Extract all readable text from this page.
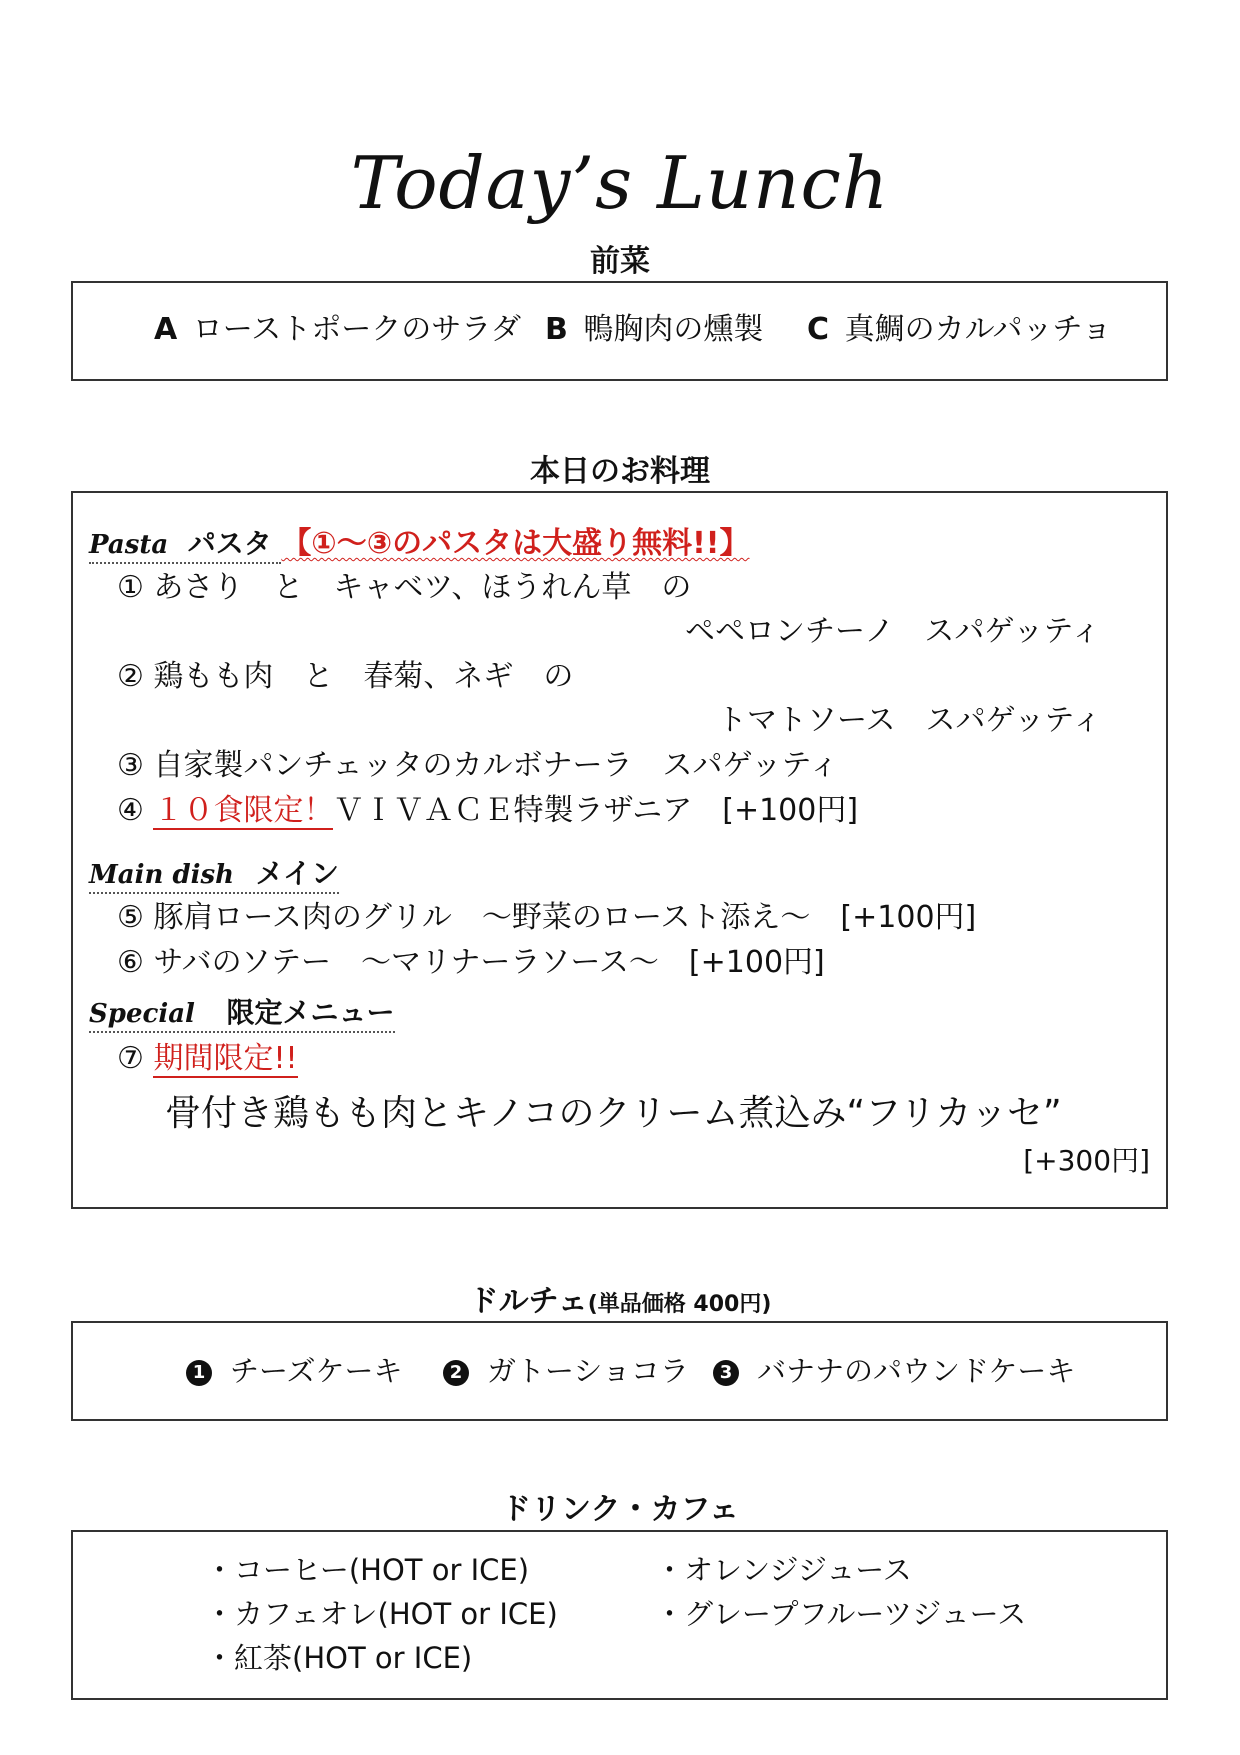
Today’s Lunch
前菜
A ローストポークのサラダ B 鴨胸肉の燻製 C 真鯛のカルパッチョ
本日のお料理
Pasta パスタ 【①～③のパスタは大盛り無料!!】
① あさり　と　キャベツ、ほうれん草　の
ペペロンチーノ　スパゲッティ
② 鶏もも肉　と　春菊、ネギ　の
トマトソース　スパゲッティ
③ 自家製パンチェッタのカルボナーラ　スパゲッティ
④ １０食限定！ＶＩＶＡＣＥ特製ラザニア　[+100円]
Main dish メイン
⑤ 豚肩ロース肉のグリル　～野菜のロースト添え～　[+100円]
⑥ サバのソテー　～マリナーラソース～　[+100円]
Special 限定メニュー
⑦ 期間限定!!
骨付き鶏もも肉とキノコのクリーム煮込み“フリカッセ”
[+300円]
ドルチェ(単品価格 400円)
1 チーズケーキ	2 ガトーショコラ	3 バナナのパウンドケーキ
ドリンク・カフェ
・コーヒー(HOT or ICE)
・カフェオレ(HOT or ICE)
・紅茶(HOT or ICE)
・オレンジジュース
・グレープフルーツジュース
